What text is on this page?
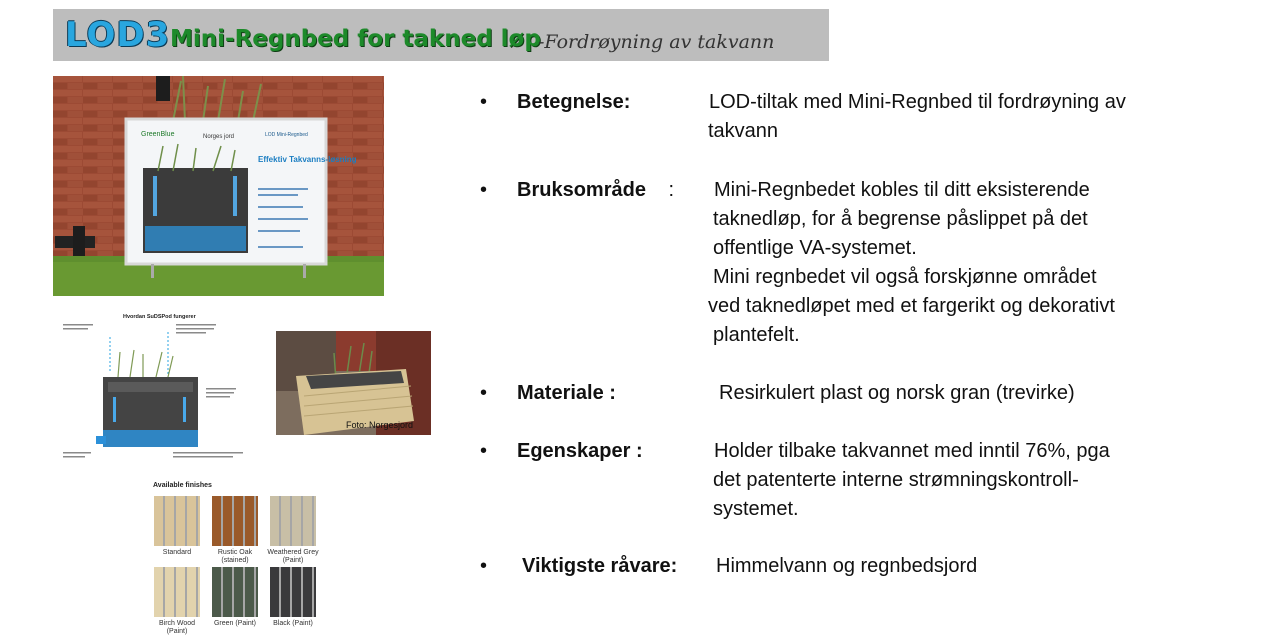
LOD3 Mini-Regnbed for takned løp
-Fordrøyning av takvann
GreenBlue	Norges jord	LOD Mini-Regnbed
Effektiv Takvanns-løsning
Hvordan SuDSPod fungerer
Foto: Norgesjord
Available finishes
Standard	Rustic Oak
(stained)
Weathered Grey
(Paint)
Birch Wood
(Paint)
Green (Paint)	Black (Paint)
• Betegnelse:	LOD-tiltak med Mini-Regnbed til fordrøyning av
takvann
• Bruksområde : Mini-Regnbedet kobles til ditt eksisterende
taknedløp, for å begrense påslippet på det
offentlige VA-systemet.
Mini regnbedet vil også forskjønne området
ved taknedløpet med et fargerikt og dekorativt
plantefelt.
• Materiale :	Resirkulert plast og norsk gran (trevirke)
• Egenskaper :	Holder tilbake takvannet med inntil 76%, pga
det patenterte interne strømningskontroll-
systemet.
• Viktigste råvare: Himmelvann og regnbedsjord
